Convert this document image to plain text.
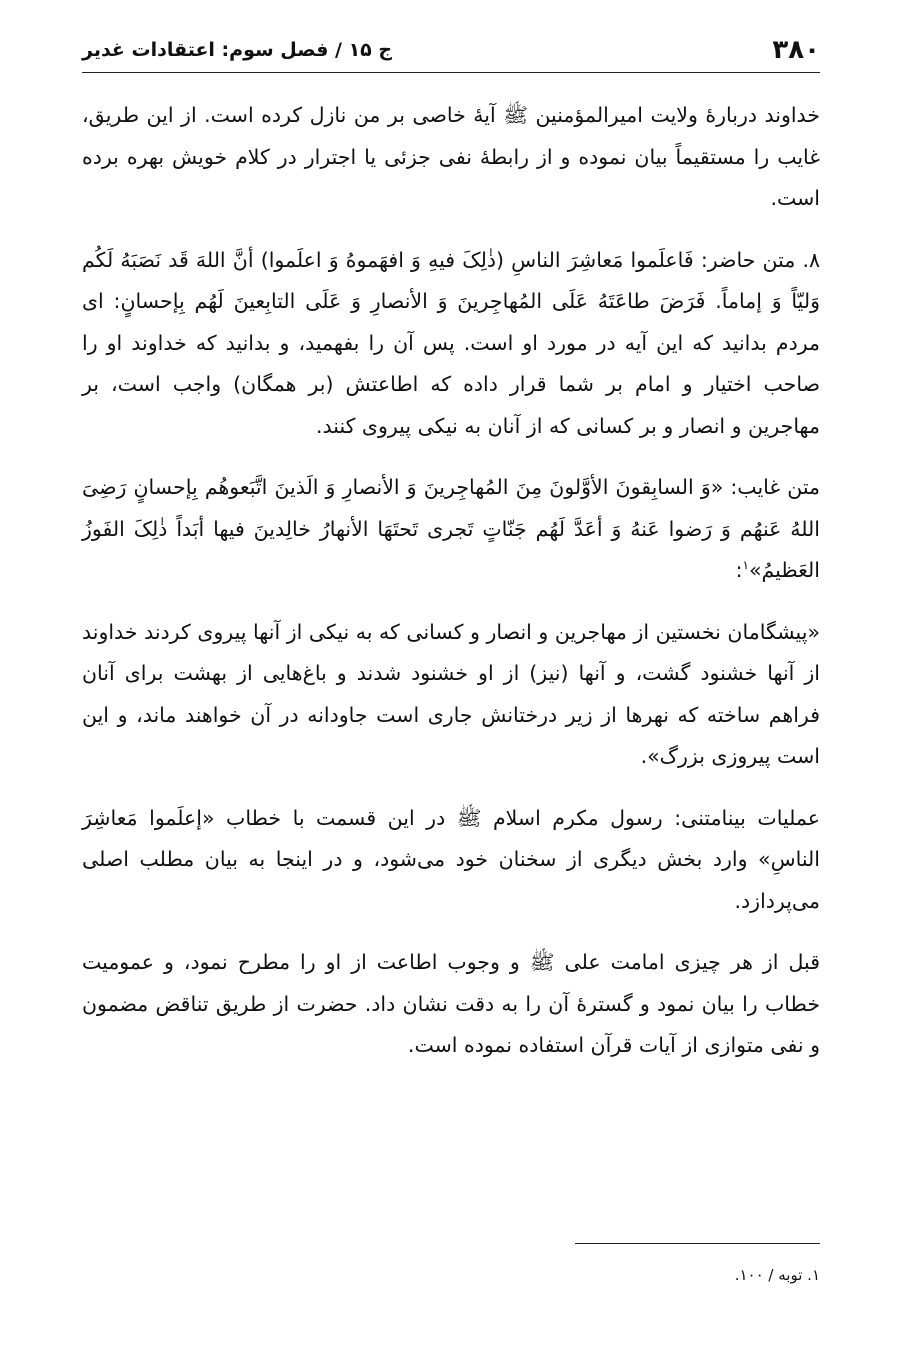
۳۸۰
ج ۱۵ / فصل سوم: اعتقادات غدیر

خداوند دربارهٔ ولایت امیرالمؤمنین ﷺ آیهٔ خاصی بر من نازل کرده است. از این طریق، غایب را مستقیماً بیان نموده و از رابطهٔ نفی جزئی یا اجترار در کلام خویش بهره برده است.

۸. متن حاضر: فَاعلَموا مَعاشِرَ الناسِ (ذٰلِکَ فیهِ وَ افهَموهُ وَ اعلَموا) أنَّ اللهَ قَد نَصَبَهُ لَکُم وَلیّاً وَ إماماً. فَرَضَ طاعَتَهُ عَلَی المُهاجِرینَ وَ الأنصارِ وَ عَلَی التابِعینَ لَهُم بِإحسانٍ: ای مردم بدانید که این آیه در مورد او است. پس آن را بفهمید، و بدانید که خداوند او را صاحب اختیار و امام بر شما قرار داده که اطاعتش (بر همگان) واجب است، بر مهاجرین و انصار و بر کسانی که از آنان به نیکی پیروی کنند.

متن غایب: «وَ السابِقونَ الأوَّلونَ مِنَ المُهاجِرینَ وَ الأنصارِ وَ الَذینَ اتَّبَعوهُم بِإحسانٍ رَضِیَ اللهُ عَنهُم وَ رَضوا عَنهُ وَ أعَدَّ لَهُم جَنّاتٍ تَجری تَحتَهَا الأنهارُ خالِدینَ فیها أبَداً ذٰلِکَ الفَوزُ العَظیمُ»$^۱$:

«پیشگامان نخستین از مهاجرین و انصار و کسانی که به نیکی از آنها پیروی کردند خداوند از آنها خشنود گشت، و آنها (نیز) از او خشنود شدند و باغ‌هایی از بهشت برای آنان فراهم ساخته که نهرها از زیر درختانش جاری است جاودانه در آن خواهند ماند، و این است پیروزی بزرگ».

عملیات بینامتنی: رسول مکرم اسلام ﷺ در این قسمت با خطاب «إعلَموا مَعاشِرَ الناسِ» وارد بخش دیگری از سخنان خود می‌شود، و در اینجا به بیان مطلب اصلی می‌پردازد.

قبل از هر چیزی امامت علی ﷺ و وجوب اطاعت از او را مطرح نمود، و عمومیت خطاب را بیان نمود و گسترهٔ آن را به دقت نشان داد. حضرت از طریق تناقض مضمون و نفی متوازی از آیات قرآن استفاده نموده است.

۱. توبه / ۱۰۰.
